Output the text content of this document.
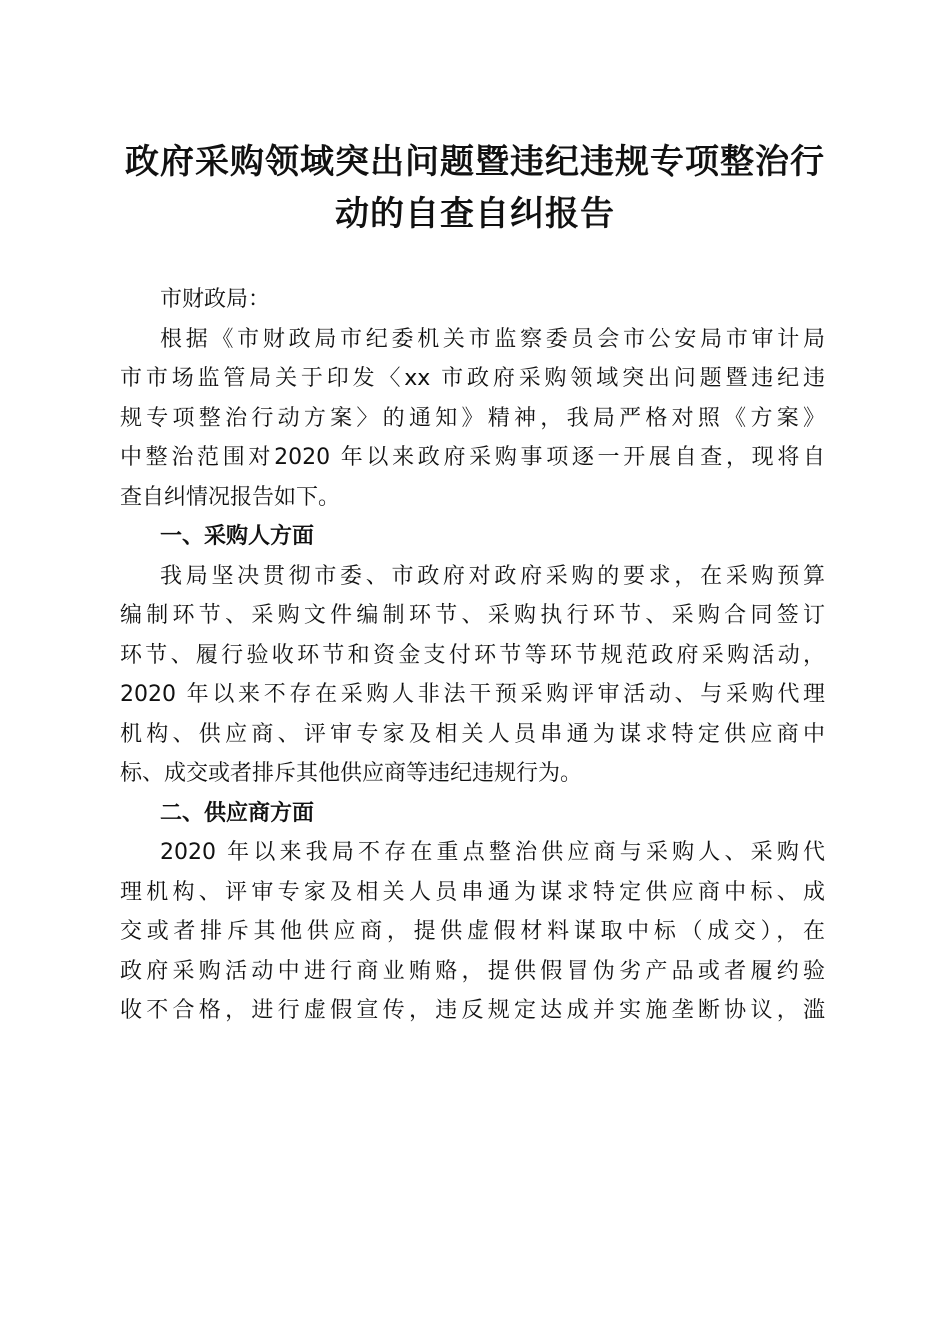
政府采购领域突出问题暨违纪违规专项整治行
动的自查自纠报告
市财政局：
根据《市财政局市纪委机关市监察委员会市公安局市审计局
市市场监管局关于印发〈xx 市政府采购领域突出问题暨违纪违
规专项整治行动方案〉的通知》精神，我局严格对照《方案》
中整治范围对2020 年以来政府采购事项逐一开展自查，现将自
查自纠情况报告如下。
一、采购人方面
我局坚决贯彻市委、市政府对政府采购的要求，在采购预算
编制环节、采购文件编制环节、采购执行环节、采购合同签订
环节、履行验收环节和资金支付环节等环节规范政府采购活动，
2020 年以来不存在采购人非法干预采购评审活动、与采购代理
机构、供应商、评审专家及相关人员串通为谋求特定供应商中
标、成交或者排斥其他供应商等违纪违规行为。
二、供应商方面
2020 年以来我局不存在重点整治供应商与采购人、采购代
理机构、评审专家及相关人员串通为谋求特定供应商中标、成
交或者排斥其他供应商，提供虚假材料谋取中标（成交），在
政府采购活动中进行商业贿赂，提供假冒伪劣产品或者履约验
收不合格，进行虚假宣传，违反规定达成并实施垄断协议，滥
